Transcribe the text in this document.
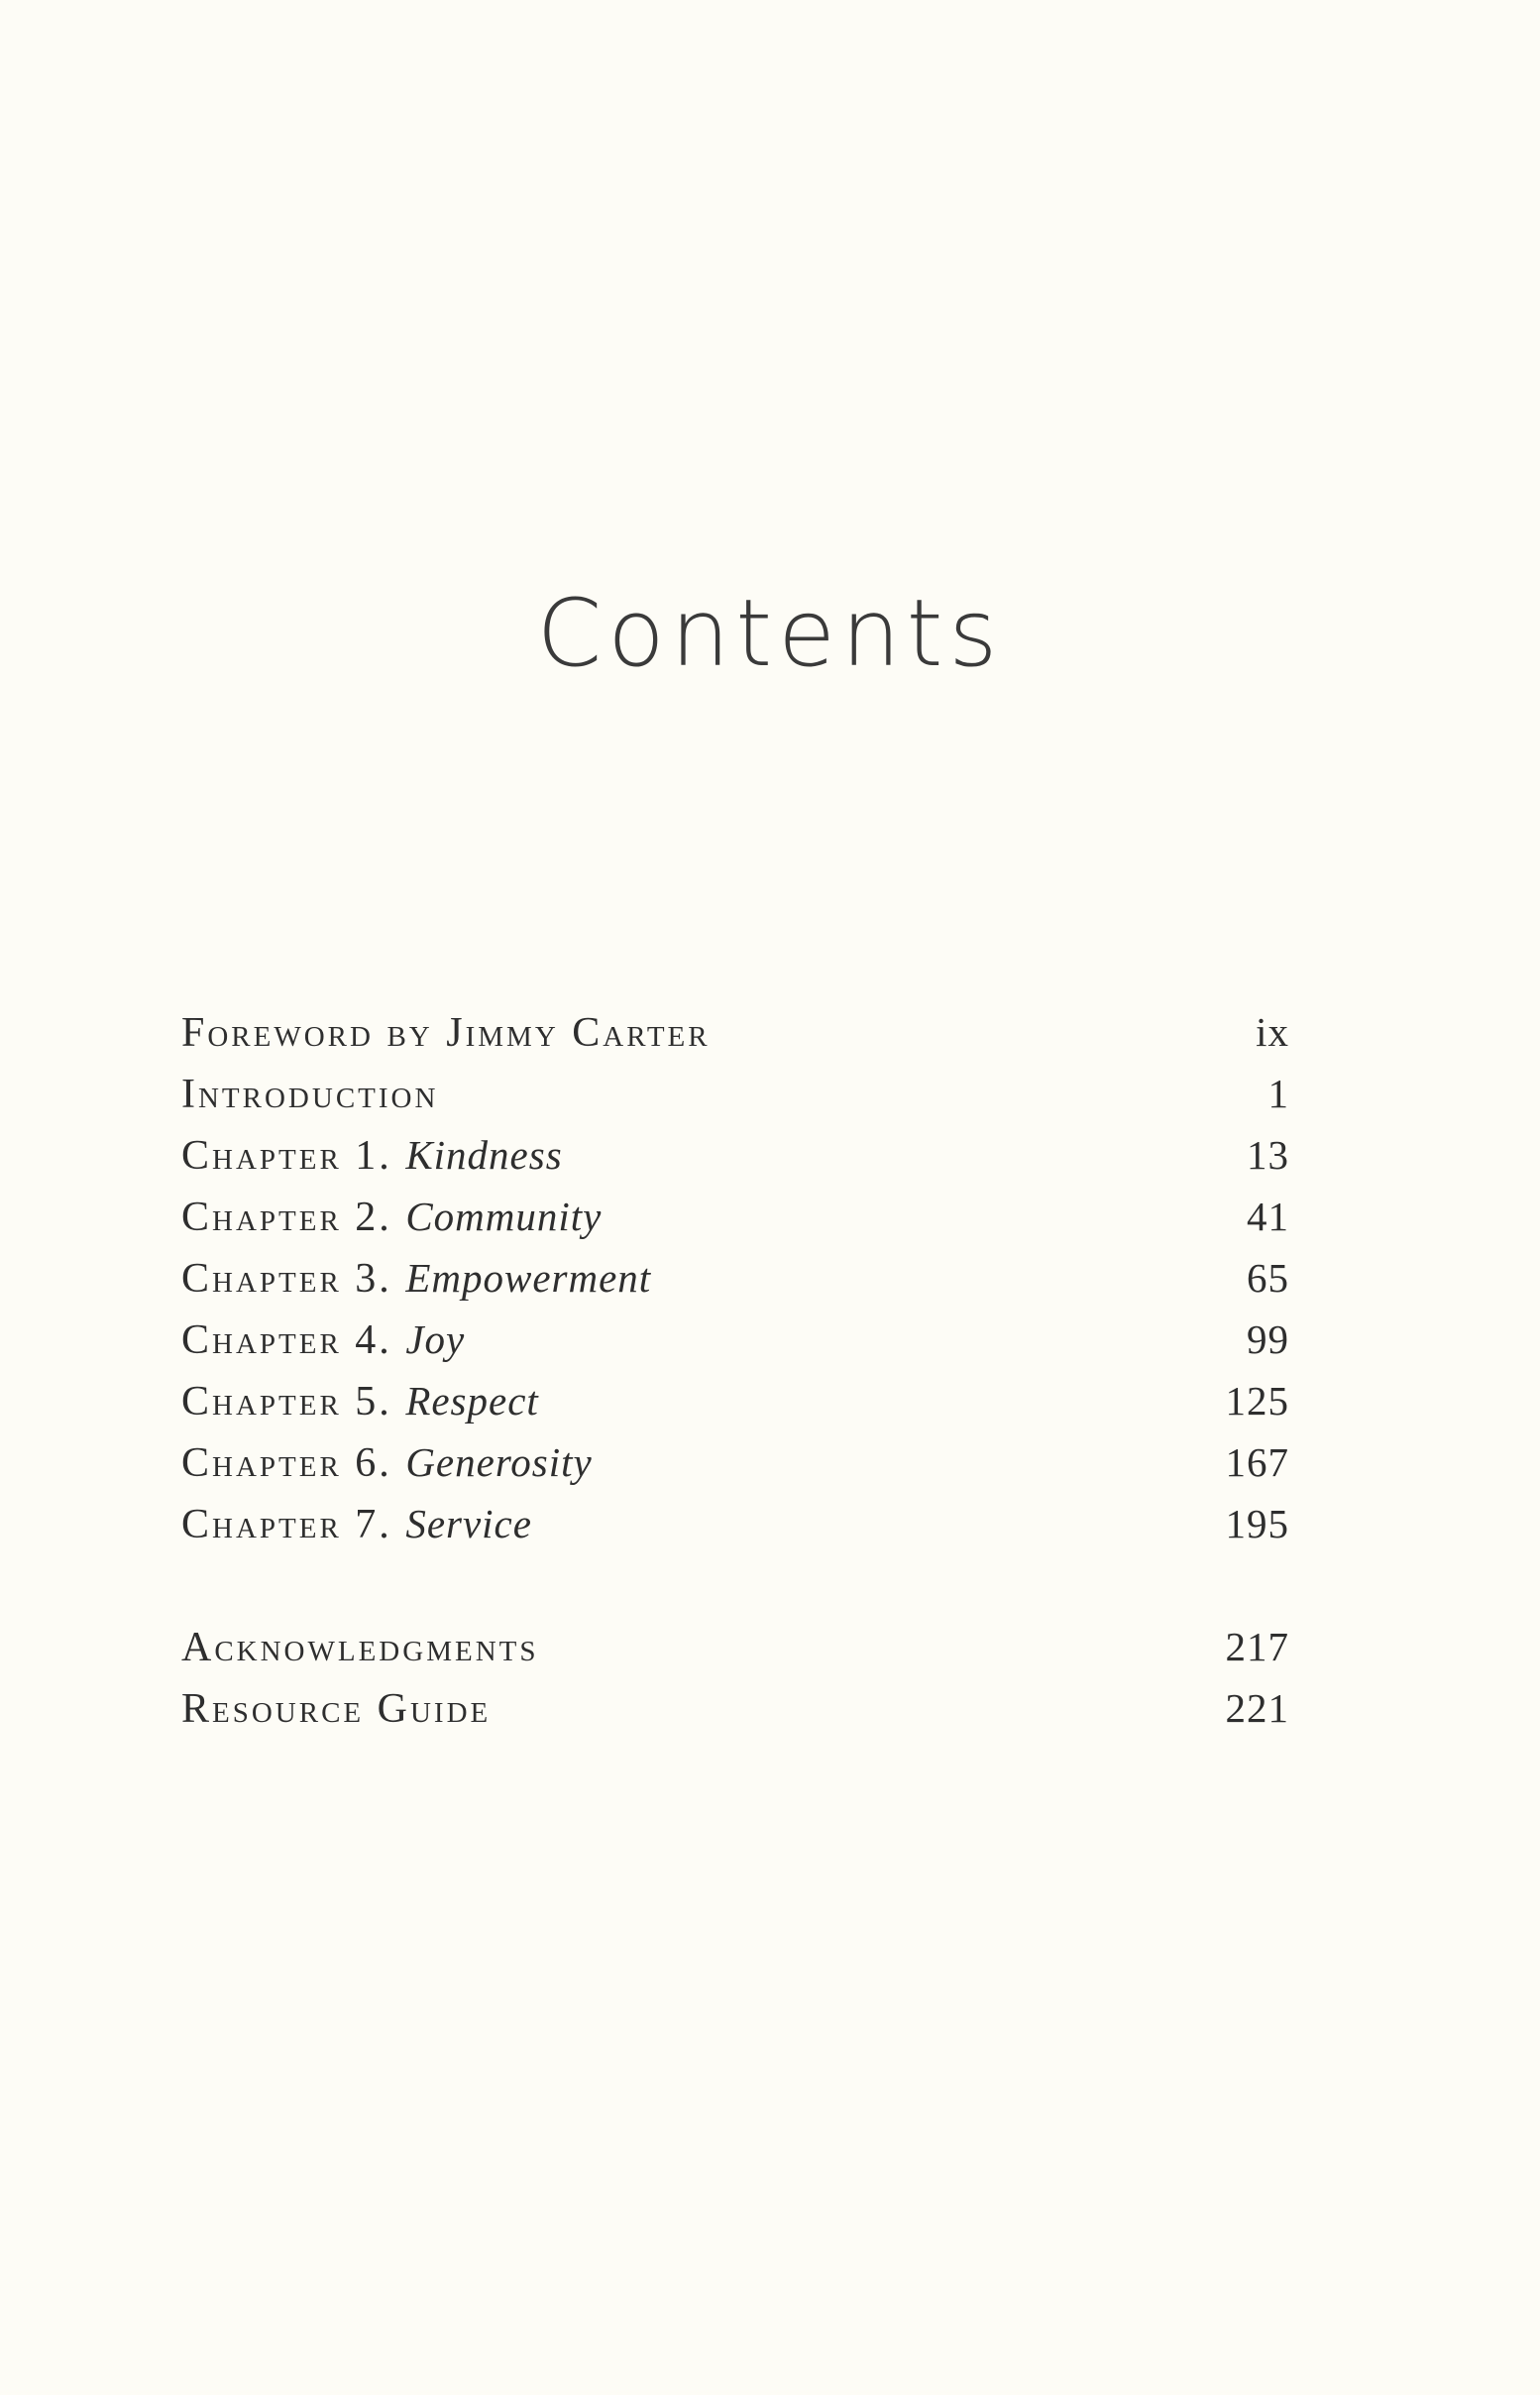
Contents
Foreword by Jimmy Carter	ix
Introduction	1
Chapter 1. Kindness	13
Chapter 2. Community	41
Chapter 3. Empowerment	65
Chapter 4. Joy	99
Chapter 5. Respect	125
Chapter 6. Generosity	167
Chapter 7. Service	195
Acknowledgments	217
Resource Guide	221
